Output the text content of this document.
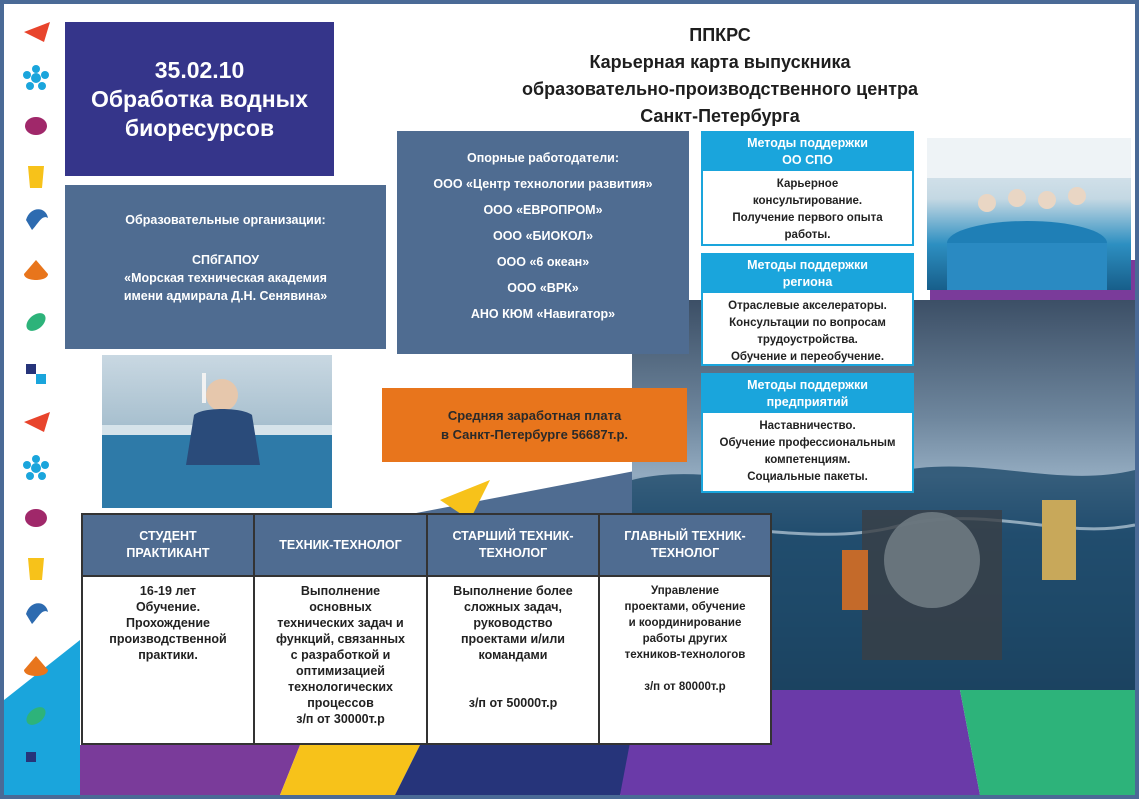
35.02.10
Обработка водных
биоресурсов
ППКРС
Карьерная карта выпускника
образовательно-производственного центра
Санкт-Петербурга
Образовательные организации:
СПбГАПОУ
«Морская техническая академия
имени адмирала Д.Н. Сенявина»
Опорные работодатели:
ООО «Центр технологии развития»
ООО «ЕВРОПРОМ»
ООО «БИОКОЛ»
ООО «6 океан»
ООО «ВРК»
АНО КЮМ «Навигатор»
Методы поддержки
ОО СПО
Карьерное
консультирование.
Получение первого опыта
работы.
Методы поддержки
региона
Отраслевые акселераторы.
Консультации по вопросам
трудоустройства.
Обучение и переобучение.
Методы поддержки
предприятий
Наставничество.
Обучение профессиональным
компетенциям.
Социальные пакеты.
Средняя заработная плата
в Санкт-Петербурге 56687т.р.
СТУДЕНТ
ПРАКТИКАНТ
16-19 лет
Обучение.
Прохождение
производственной
практики.
ТЕХНИК-ТЕХНОЛОГ
Выполнение
основных
технических задач и
функций, связанных
с разработкой и
оптимизацией
технологических
процессов
з/п от 30000т.р
СТАРШИЙ ТЕХНИК-
ТЕХНОЛОГ
Выполнение более
сложных задач,
руководство
проектами и/или
командами
з/п от 50000т.р
ГЛАВНЫЙ ТЕХНИК-
ТЕХНОЛОГ
Управление
проектами, обучение
и координирование
работы других
техников-технологов
з/п от 80000т.р
